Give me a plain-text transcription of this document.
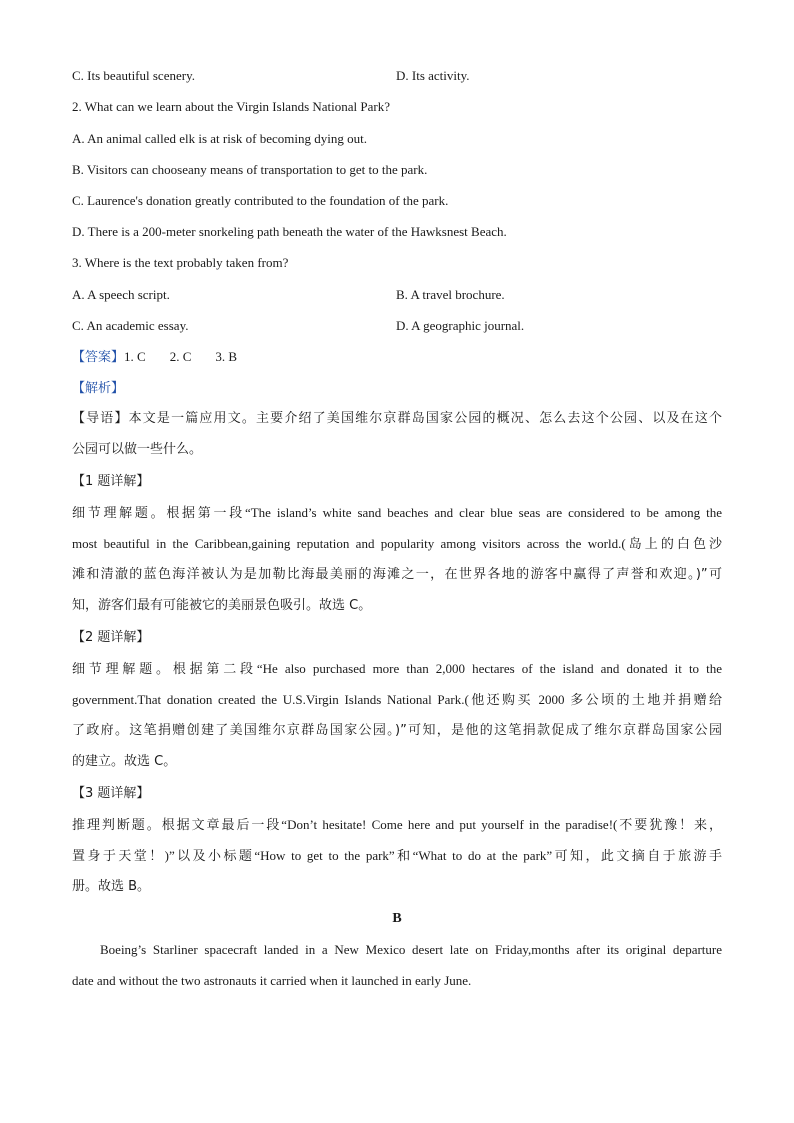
C. Its beautiful scenery.	D. Its activity.
2. What can we learn about the Virgin Islands National Park?
A. An animal called elk is at risk of becoming dying out.
B. Visitors can chooseany means of transportation to get to the park.
C. Laurence's donation greatly contributed to the foundation of the park.
D. There is a 200-meter snorkeling path beneath the water of the Hawksnest Beach.
3. Where is the text probably taken from?
A. A speech script.	B. A travel brochure.
C. An academic essay.	D. A geographic journal.
【答案】1. C 2. C 3. B
【解析】
【导语】本文是一篇应用文。主要介绍了美国维尔京群岛国家公园的概况、怎么去这个公园、以及在这个
公园可以做一些什么。
【1 题详解】
细节理解题。根据第一段“The island’s white sand beaches and clear blue seas are considered to be among the
most beautiful in the Caribbean,gaining reputation and popularity among visitors across the world.(岛上的白色沙
滩和清澈的蓝色海洋被认为是加勒比海最美丽的海滩之一，在世界各地的游客中赢得了声誉和欢迎。)”可
知，游客们最有可能被它的美丽景色吸引。故选 C。
【2 题详解】
细节理解题。根据第二段“He also purchased more than 2,000 hectares of the island and donated it to the
government.That donation created the U.S.Virgin Islands National Park.(他还购买 2000 多公顷的土地并捐赠给
了政府。这笔捐赠创建了美国维尔京群岛国家公园。)”可知，是他的这笔捐款促成了维尔京群岛国家公园
的建立。故选 C。
【3 题详解】
推理判断题。根据文章最后一段“Don’t hesitate! Come here and put yourself in the paradise!(不要犹豫！来，
置身于天堂！)”以及小标题“How to get to the park”和“What to do at the park”可知，此文摘自于旅游手
册。故选 B。
B
Boeing’s Starliner spacecraft landed in a New Mexico desert late on Friday,months after its original departure
date and without the two astronauts it carried when it launched in early June.
